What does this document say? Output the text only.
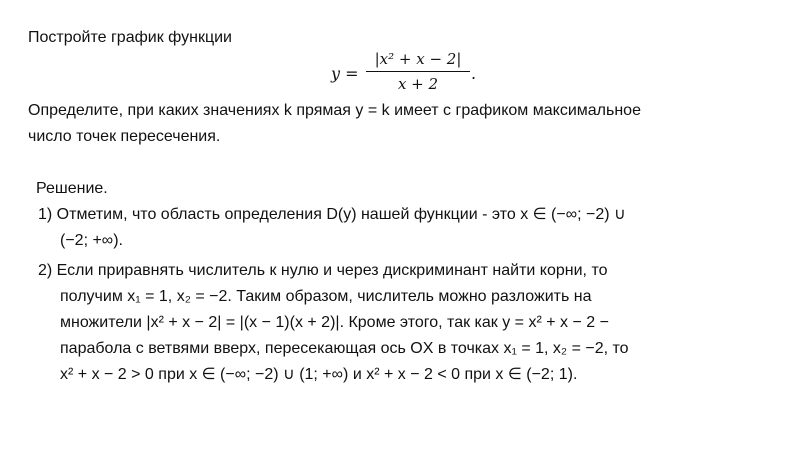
Постройте график функции
y =
|x² + x − 2|
x + 2
.
Определите, при каких значениях k прямая y = k имеет с графиком максимальное
число точек пересечения.
Решение.
1) Отметим, что область определения D(y) нашей функции - это x ∈ (−∞; −2) ∪
(−2; +∞).
2) Если приравнять числитель к нулю и через дискриминант найти корни, то
получим x₁ = 1, x₂ = −2. Таким образом, числитель можно разложить на
множители |x² + x − 2| = |(x − 1)(x + 2)|. Кроме этого, так как y = x² + x − 2 −
парабола с ветвями вверх, пересекающая ось OX в точках x₁ = 1, x₂ = −2, то
x² + x − 2 > 0 при x ∈ (−∞; −2) ∪ (1; +∞) и x² + x − 2 < 0 при x ∈ (−2; 1).
